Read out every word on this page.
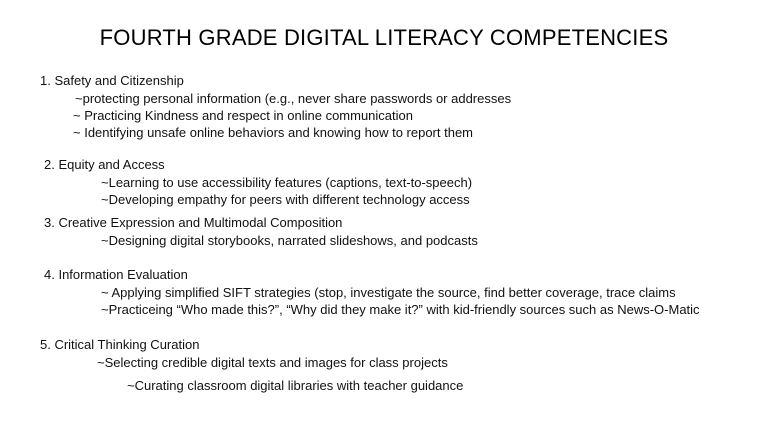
FOURTH GRADE DIGITAL LITERACY COMPETENCIES
1. Safety and Citizenship
~protecting personal information (e.g., never share passwords or addresses
~ Practicing Kindness and respect in online communication
~ Identifying unsafe online behaviors and knowing how to report them
2. Equity and Access
~Learning to use accessibility features (captions, text-to-speech)
~Developing empathy for peers with different technology access
3. Creative Expression and Multimodal Composition
~Designing digital storybooks, narrated slideshows, and podcasts
4. Information Evaluation
~ Applying simplified SIFT strategies (stop, investigate the source, find better coverage, trace claims
~Practiceing “Who made this?”, “Why did they make it?” with kid-friendly sources such as News-O-Matic
5. Critical Thinking Curation
~Selecting credible digital texts and images for class projects
~Curating classroom digital libraries with teacher guidance
